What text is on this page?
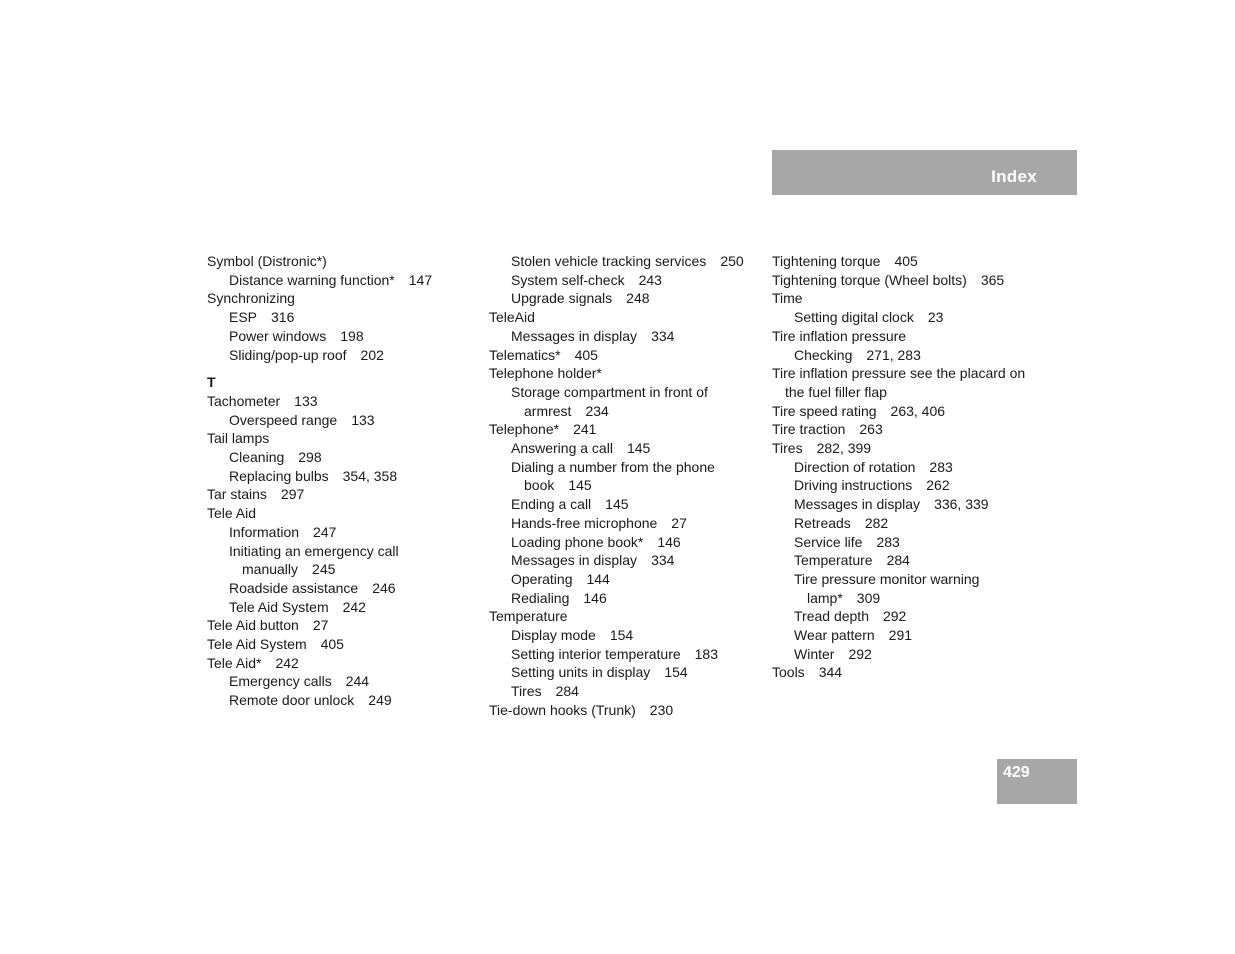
Index
Symbol (Distronic*)
Distance warning function* 147
Synchronizing
ESP 316
Power windows 198
Sliding/pop-up roof 202
T
Tachometer 133
Overspeed range 133
Tail lamps
Cleaning 298
Replacing bulbs 354, 358
Tar stains 297
Tele Aid
Information 247
Initiating an emergency call
manually 245
Roadside assistance 246
Tele Aid System 242
Tele Aid button 27
Tele Aid System 405
Tele Aid* 242
Emergency calls 244
Remote door unlock 249
Stolen vehicle tracking services 250
System self-check 243
Upgrade signals 248
TeleAid
Messages in display 334
Telematics* 405
Telephone holder*
Storage compartment in front of
armrest 234
Telephone* 241
Answering a call 145
Dialing a number from the phone
book 145
Ending a call 145
Hands-free microphone 27
Loading phone book* 146
Messages in display 334
Operating 144
Redialing 146
Temperature
Display mode 154
Setting interior temperature 183
Setting units in display 154
Tires 284
Tie-down hooks (Trunk) 230
Tightening torque 405
Tightening torque (Wheel bolts) 365
Time
Setting digital clock 23
Tire inflation pressure
Checking 271, 283
Tire inflation pressure see the placard on
the fuel filler flap
Tire speed rating 263, 406
Tire traction 263
Tires 282, 399
Direction of rotation 283
Driving instructions 262
Messages in display 336, 339
Retreads 282
Service life 283
Temperature 284
Tire pressure monitor warning
lamp* 309
Tread depth 292
Wear pattern 291
Winter 292
Tools 344
429
